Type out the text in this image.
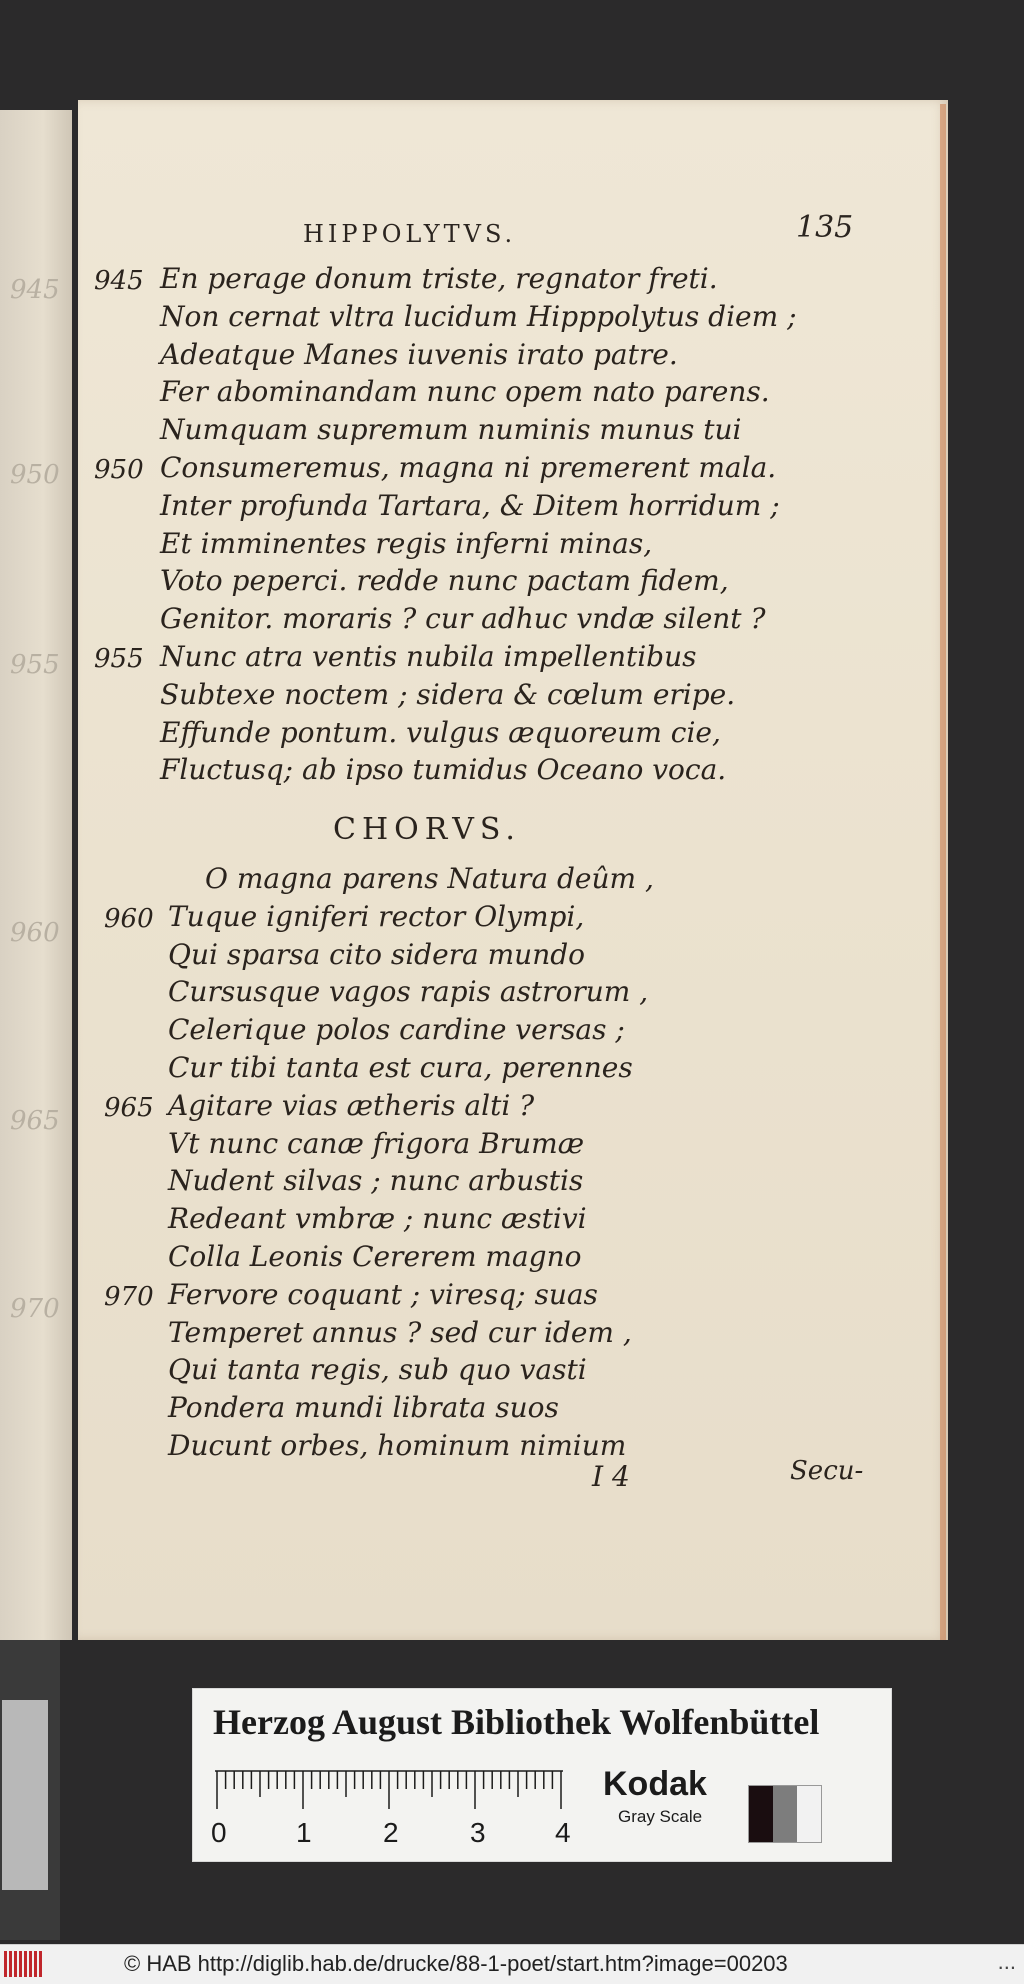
945
950
955
960
965
970
HIPPOLYTVS.	135
945 En perage donum triste, regnator freti.
Non cernat vltra lucidum Hipppolytus diem ;
Adeatque Manes iuvenis irato patre.
Fer abominandam nunc opem nato parens.
Numquam supremum numinis munus tui
950 Consumeremus, magna ni premerent mala.
Inter profunda Tartara, & Ditem horridum ;
Et imminentes regis inferni minas,
Voto peperci. redde nunc pactam fidem,
Genitor. moraris ? cur adhuc vndæ silent ?
955 Nunc atra ventis nubila impellentibus
Subtexe noctem ; sidera & cœlum eripe.
Effunde pontum. vulgus æquoreum cie,
Fluctusq; ab ipso tumidus Oceano voca.
O magna parens Natura deûm ,
960 Tuque igniferi rector Olympi,
Qui sparsa cito sidera mundo
Cursusque vagos rapis astrorum ,
Celerique polos cardine versas ;
Cur tibi tanta est cura, perennes
965 Agitare vias ætheris alti ?
Vt nunc canæ frigora Brumæ
Nudent silvas ; nunc arbustis
Redeant vmbræ ; nunc æstivi
Colla Leonis Cererem magno
970 Fervore coquant ; viresq; suas
Temperet annus ? sed cur idem ,
Qui tanta regis, sub quo vasti
Pondera mundi librata suos
Ducunt orbes, hominum nimium
CHORVS.
I 4	Secu-
Herzog August Bibliothek Wolfenbüttel
0 1	2	3 4
Kodak
Gray Scale
© HAB http://diglib.hab.de/drucke/88-1-poet/start.htm?image=00203	...
